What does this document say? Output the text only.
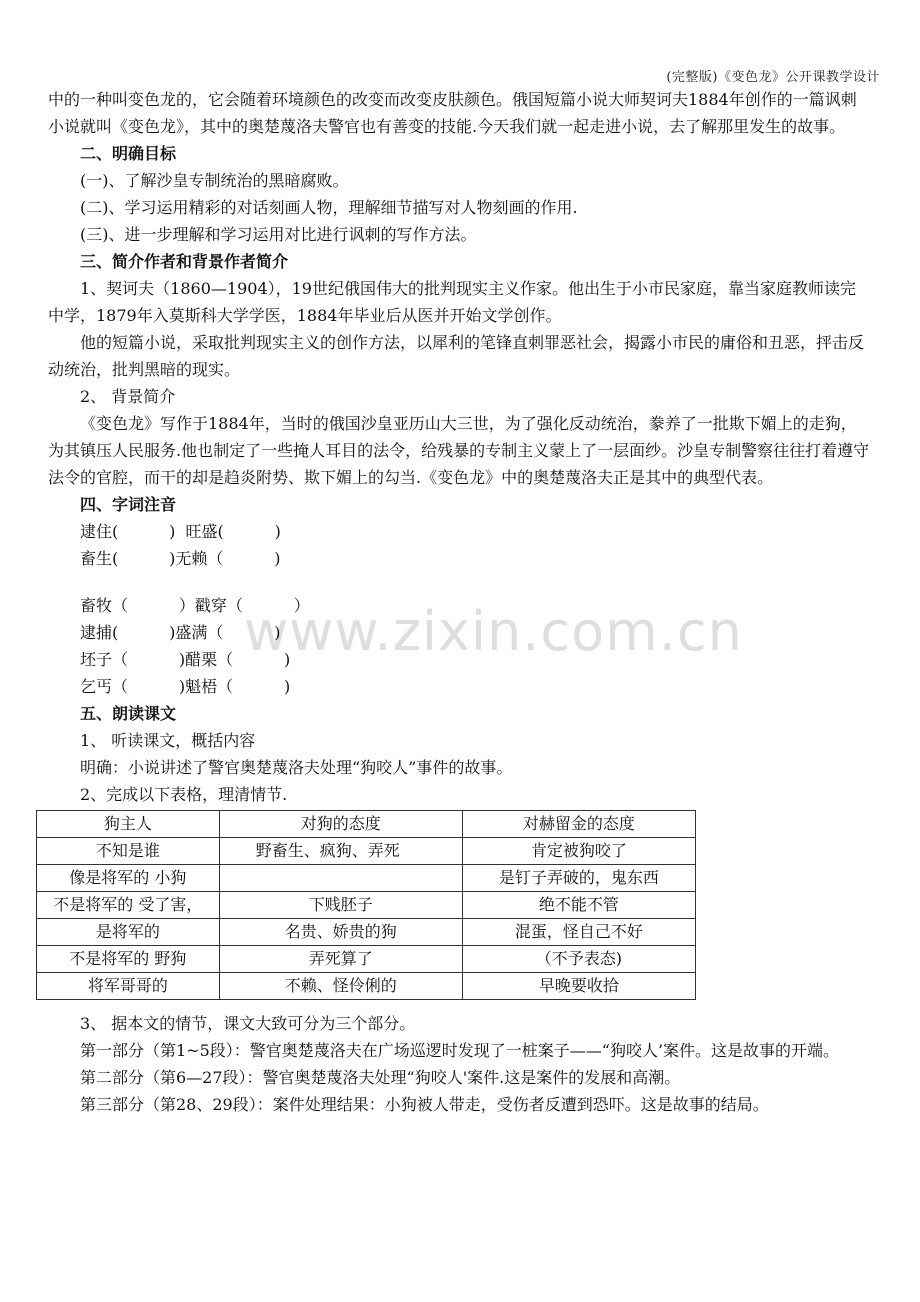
(完整版)《变色龙》公开课教学设计
www.zixin.com.cn

中的一种叫变色龙的，它会随着环境颜色的改变而改变皮肤颜色。俄国短篇小说大师契诃夫1884年创作的一篇讽刺小说就叫《变色龙》，其中的奥楚蔑洛夫警官也有善变的技能.今天我们就一起走进小说，去了解那里发生的故事。

二、明确目标

(一)、了解沙皇专制统治的黑暗腐败。

(二)、学习运用精彩的对话刻画人物，理解细节描写对人物刻画的作用.

(三)、进一步理解和学习运用对比进行讽刺的写作方法。

三、简介作者和背景作者简介

1、契诃夫（1860—1904），19世纪俄国伟大的批判现实主义作家。他出生于小市民家庭，靠当家庭教师读完中学，1879年入莫斯科大学学医，1884年毕业后从医并开始文学创作。

他的短篇小说，采取批判现实主义的创作方法，以犀利的笔锋直刺罪恶社会，揭露小市民的庸俗和丑恶，抨击反动统治，批判黑暗的现实。

2、 背景简介

《变色龙》写作于1884年，当时的俄国沙皇亚历山大三世，为了强化反动统治，豢养了一批欺下媚上的走狗，为其镇压人民服务.他也制定了一些掩人耳目的法令，给残暴的专制主义蒙上了一层面纱。沙皇专制警察往往打着遵守法令的官腔，而干的却是趋炎附势、欺下媚上的勾当.《变色龙》中的奥楚蔑洛夫正是其中的典型代表。

四、字词注音

逮住(          )  旺盛(          )

畜生(          )无赖（          )

畜牧（          ）戳穿（          ）

逮捕(          )盛满（          )

坯子（          )醋栗（          )

乞丐（          )魁梧（          )

五、朗读课文

1、 听读课文，概括内容

明确：小说讲述了警官奥楚蔑洛夫处理“狗咬人”事件的故事。

2、完成以下表格，理清情节.

狗主人	对狗的态度	对赫留金的态度
不知是谁	野畜生、疯狗、弄死	肯定被狗咬了
像是将军的 小狗		是钉子弄破的，鬼东西
不是将军的 受了害，	下贱胚子	绝不能不管
是将军的	名贵、娇贵的狗	混蛋，怪自己不好
不是将军的 野狗	弄死算了	（不予表态)
将军哥哥的	不赖、怪伶俐的	早晚要收拾

3、 据本文的情节，课文大致可分为三个部分。

第一部分（第1~5段）：警官奥楚蔑洛夫在广场巡逻时发现了一桩案子——“狗咬人’案件。这是故事的开端。

第二部分（第6—27段）：警官奥楚蔑洛夫处理“狗咬人'案件.这是案件的发展和高潮。

第三部分（第28、29段）：案件处理结果：小狗被人带走，受伤者反遭到恐吓。这是故事的结局。
